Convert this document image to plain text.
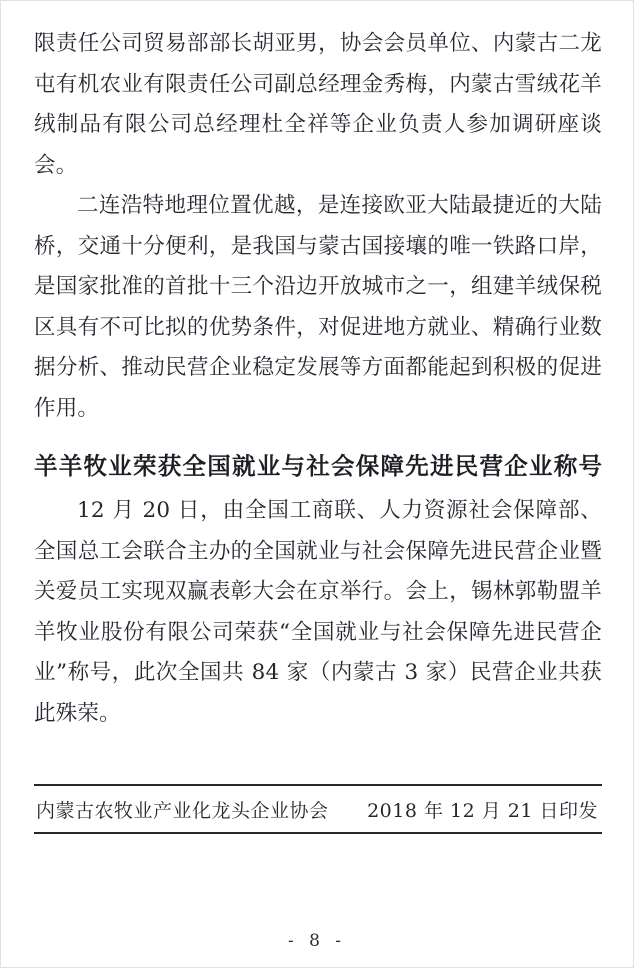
限责任公司贸易部部长胡亚男，协会会员单位、内蒙古二龙屯有机农业有限责任公司副总经理金秀梅，内蒙古雪绒花羊绒制品有限公司总经理杜全祥等企业负责人参加调研座谈会。

二连浩特地理位置优越，是连接欧亚大陆最捷近的大陆桥，交通十分便利，是我国与蒙古国接壤的唯一铁路口岸，是国家批准的首批十三个沿边开放城市之一，组建羊绒保税区具有不可比拟的优势条件，对促进地方就业、精确行业数据分析、推动民营企业稳定发展等方面都能起到积极的促进作用。

羊羊牧业荣获全国就业与社会保障先进民营企业称号

12 月 20 日，由全国工商联、人力资源社会保障部、全国总工会联合主办的全国就业与社会保障先进民营企业暨关爱员工实现双赢表彰大会在京举行。会上，锡林郭勒盟羊羊牧业股份有限公司荣获“全国就业与社会保障先进民营企业”称号，此次全国共 84 家（内蒙古 3 家）民营企业共获此殊荣。

内蒙古农牧业产业化龙头企业协会 2018 年 12 月 21 日印发
- 8 -
